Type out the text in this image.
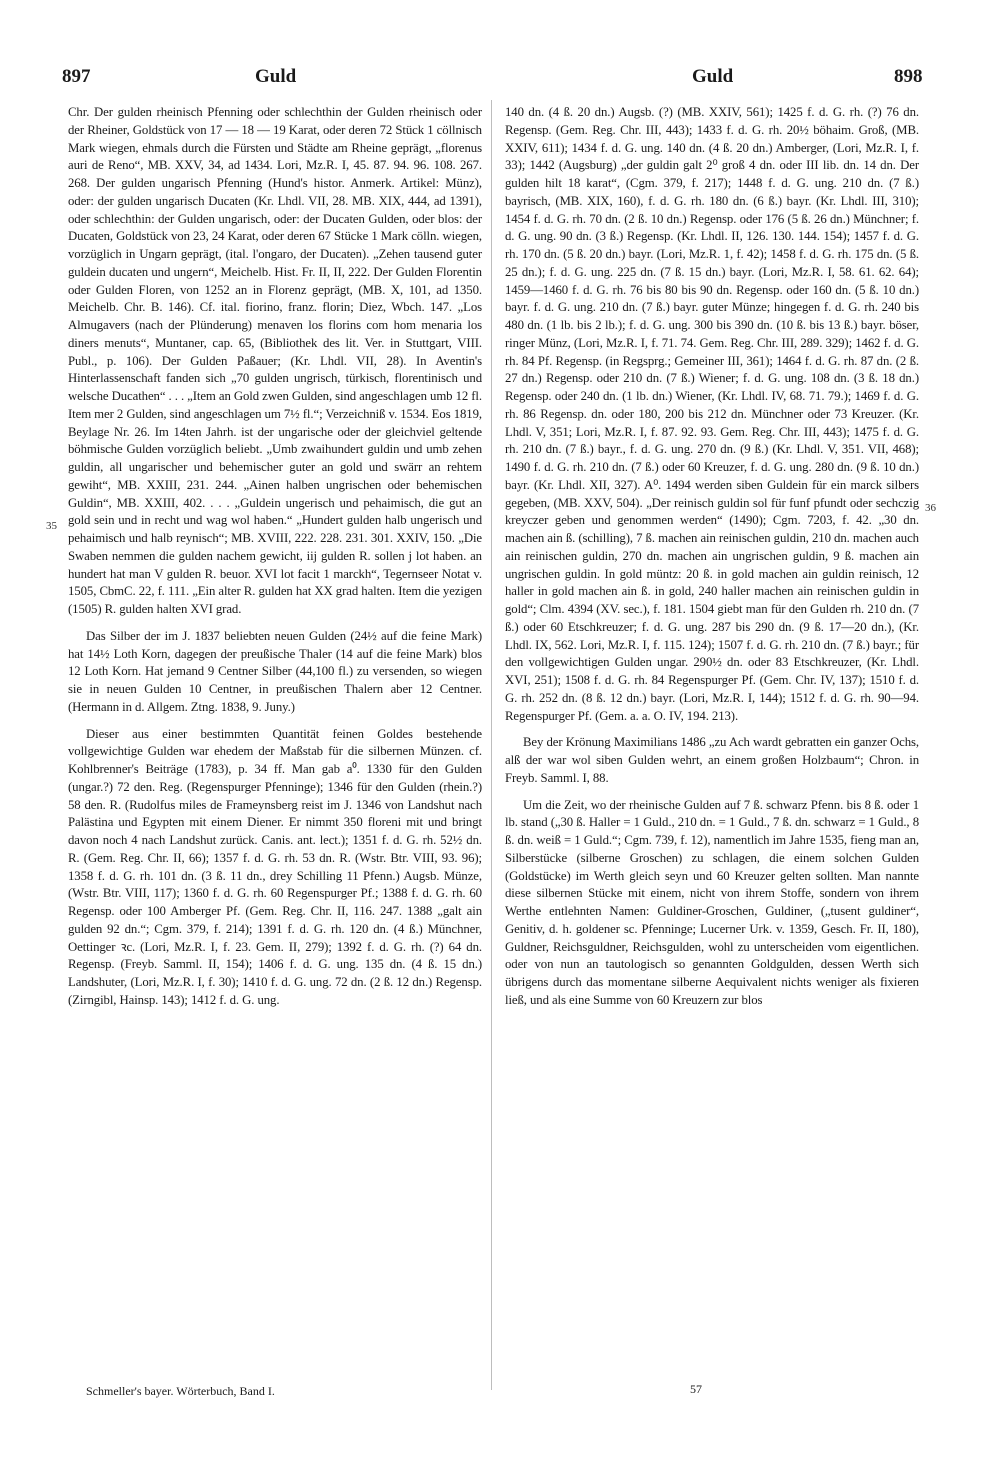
897	Guld	Guld	898

Chr. Der gulden rheinisch Pfenning oder schlechthin der Gulden rheinisch oder der Rheiner, Goldstück von 17 — 18 — 19 Karat, oder deren 72 Stück 1 cöllnisch Mark wiegen, ehmals durch die Fürsten und Städte am Rheine geprägt, „florenus auri de Reno“, MB. XXV, 34, ad 1434. Lori, Mz.R. I, 45. 87. 94. 96. 108. 267. 268. Der gulden ungarisch Pfenning (Hund's histor. Anmerk. Artikel: Münz), oder: der gulden ungarisch Ducaten (Kr. Lhdl. VII, 28. MB. XIX, 444, ad 1391), oder schlechthin: der Gulden ungarisch, oder: der Ducaten Gulden, oder blos: der Ducaten, Goldstück von 23, 24 Karat, oder deren 67 Stücke 1 Mark cölln. wiegen, vorzüglich in Ungarn geprägt, (ital. l'ongaro, der Ducaten). „Zehen tausend guter guldein ducaten und ungern“, Meichelb. Hist. Fr. II, II, 222. Der Gulden Florentin oder Gulden Floren, von 1252 an in Florenz geprägt, (MB. X, 101, ad 1350. Meichelb. Chr. B. 146). Cf. ital. fiorino, franz. florin; Diez, Wbch. 147. „Los Almugavers (nach der Plünderung) menaven los florins com hom menaria los diners menuts“, Muntaner, cap. 65, (Bibliothek des lit. Ver. in Stuttgart, VIII. Publ., p. 106). Der Gulden Paßauer; (Kr. Lhdl. VII, 28). In Aventin's Hinterlassenschaft fanden sich „70 gulden ungrisch, türkisch, florentinisch und welsche Ducathen“ . . . „Item an Gold zwen Gulden, sind angeschlagen umb 12 fl. Item mer 2 Gulden, sind angeschlagen um 7½ fl.“; Verzeichniß v. 1534. Eos 1819, Beylage Nr. 26. Im 14ten Jahrh. ist der ungarische oder der gleichviel geltende böhmische Gulden vorzüglich beliebt. „Umb zwaihundert guldin und umb zehen guldin, all ungarischer und behemischer guter an gold und swärr an rehtem gewiht“, MB. XXIII, 231. 244. „Ainen halben ungrischen oder behemischen Guldin“, MB. XXIII, 402. . . . „Guldein ungerisch und pehaimisch, die gut an gold sein und in recht und wag wol haben.“ „Hundert gulden halb ungerisch und pehaimisch und halb reynisch“; MB. XVIII, 222. 228. 231. 301. XXIV, 150. „Die Swaben nemmen die gulden nachem gewicht, iij gulden R. sollen j lot haben. an hundert hat man V gulden R. beuor. XVI lot facit 1 marckh“, Tegernseer Notat v. 1505, CbmC. 22, f. 111. „Ein alter R. gulden hat XX grad halten. Item die yezigen (1505) R. gulden halten XVI grad.

Das Silber der im J. 1837 beliebten neuen Gulden (24½ auf die feine Mark) hat 14½ Loth Korn, dagegen der preußische Thaler (14 auf die feine Mark) blos 12 Loth Korn. Hat jemand 9 Centner Silber (44,100 fl.) zu versenden, so wiegen sie in neuen Gulden 10 Centner, in preußischen Thalern aber 12 Centner. (Hermann in d. Allgem. Ztng. 1838, 9. Juny.)

Dieser aus einer bestimmten Quantität feinen Goldes bestehende vollgewichtige Gulden war ehedem der Maßstab für die silbernen Münzen. cf. Kohlbrenner's Beiträge (1783), p. 34 ff. Man gab a⁰. 1330 für den Gulden (ungar.?) 72 den. Reg. (Regenspurger Pfenninge); 1346 für den Gulden (rhein.?) 58 den. R. (Rudolfus miles de Frameynsberg reist im J. 1346 von Landshut nach Palästina und Egypten mit einem Diener. Er nimmt 350 floreni mit und bringt davon noch 4 nach Landshut zurück. Canis. ant. lect.); 1351 f. d. G. rh. 52½ dn. R. (Gem. Reg. Chr. II, 66); 1357 f. d. G. rh. 53 dn. R. (Wstr. Btr. VIII, 93. 96); 1358 f. d. G. rh. 101 dn. (3 ß. 11 dn., drey Schilling 11 Pfenn.) Augsb. Münze, (Wstr. Btr. VIII, 117); 1360 f. d. G. rh. 60 Regenspurger Pf.; 1388 f. d. G. rh. 60 Regensp. oder 100 Amberger Pf. (Gem. Reg. Chr. II, 116. 247. 1388 „galt ain gulden 92 dn.“; Cgm. 379, f. 214); 1391 f. d. G. rh. 120 dn. (4 ß.) Münchner, Oettinger ꝛc. (Lori, Mz.R. I, f. 23. Gem. II, 279); 1392 f. d. G. rh. (?) 64 dn. Regensp. (Freyb. Samml. II, 154); 1406 f. d. G. ung. 135 dn. (4 ß. 15 dn.) Landshuter, (Lori, Mz.R. I, f. 30); 1410 f. d. G. ung. 72 dn. (2 ß. 12 dn.) Regensp. (Zirngibl, Hainsp. 143); 1412 f. d. G. ung.

140 dn. (4 ß. 20 dn.) Augsb. (?) (MB. XXIV, 561); 1425 f. d. G. rh. (?) 76 dn. Regensp. (Gem. Reg. Chr. III, 443); 1433 f. d. G. rh. 20½ böhaim. Groß, (MB. XXIV, 611); 1434 f. d. G. ung. 140 dn. (4 ß. 20 dn.) Amberger, (Lori, Mz.R. I, f. 33); 1442 (Augsburg) „der guldin galt 2⁰ groß 4 dn. oder III lib. dn. 14 dn. Der gulden hilt 18 karat“, (Cgm. 379, f. 217); 1448 f. d. G. ung. 210 dn. (7 ß.) bayrisch, (MB. XIX, 160), f. d. G. rh. 180 dn. (6 ß.) bayr. (Kr. Lhdl. III, 310); 1454 f. d. G. rh. 70 dn. (2 ß. 10 dn.) Regensp. oder 176 (5 ß. 26 dn.) Münchner; f. d. G. ung. 90 dn. (3 ß.) Regensp. (Kr. Lhdl. II, 126. 130. 144. 154); 1457 f. d. G. rh. 170 dn. (5 ß. 20 dn.) bayr. (Lori, Mz.R. 1, f. 42); 1458 f. d. G. rh. 175 dn. (5 ß. 25 dn.); f. d. G. ung. 225 dn. (7 ß. 15 dn.) bayr. (Lori, Mz.R. I, 58. 61. 62. 64); 1459—1460 f. d. G. rh. 76 bis 80 bis 90 dn. Regensp. oder 160 dn. (5 ß. 10 dn.) bayr. f. d. G. ung. 210 dn. (7 ß.) bayr. guter Münze; hingegen f. d. G. rh. 240 bis 480 dn. (1 lb. bis 2 lb.); f. d. G. ung. 300 bis 390 dn. (10 ß. bis 13 ß.) bayr. böser, ringer Münz, (Lori, Mz.R. I, f. 71. 74. Gem. Reg. Chr. III, 289. 329); 1462 f. d. G. rh. 84 Pf. Regensp. (in Regsprg.; Gemeiner III, 361); 1464 f. d. G. rh. 87 dn. (2 ß. 27 dn.) Regensp. oder 210 dn. (7 ß.) Wiener; f. d. G. ung. 108 dn. (3 ß. 18 dn.) Regensp. oder 240 dn. (1 lb. dn.) Wiener, (Kr. Lhdl. IV, 68. 71. 79.); 1469 f. d. G. rh. 86 Regensp. dn. oder 180, 200 bis 212 dn. Münchner oder 73 Kreuzer. (Kr. Lhdl. V, 351; Lori, Mz.R. I, f. 87. 92. 93. Gem. Reg. Chr. III, 443); 1475 f. d. G. rh. 210 dn. (7 ß.) bayr., f. d. G. ung. 270 dn. (9 ß.) (Kr. Lhdl. V, 351. VII, 468); 1490 f. d. G. rh. 210 dn. (7 ß.) oder 60 Kreuzer, f. d. G. ung. 280 dn. (9 ß. 10 dn.) bayr. (Kr. Lhdl. XII, 327). A⁰. 1494 werden siben Guldein für ein marck silbers gegeben, (MB. XXV, 504). „Der reinisch guldin sol für funf pfundt oder sechczig kreyczer geben und genommen werden“ (1490); Cgm. 7203, f. 42. „30 dn. machen ain ß. (schilling), 7 ß. machen ain reinischen guldin, 210 dn. machen auch ain reinischen guldin, 270 dn. machen ain ungrischen guldin, 9 ß. machen ain ungrischen guldin. In gold müntz: 20 ß. in gold machen ain guldin reinisch, 12 haller in gold machen ain ß. in gold, 240 haller machen ain reinischen guldin in gold“; Clm. 4394 (XV. sec.), f. 181. 1504 giebt man für den Gulden rh. 210 dn. (7 ß.) oder 60 Etschkreuzer; f. d. G. ung. 287 bis 290 dn. (9 ß. 17—20 dn.), (Kr. Lhdl. IX, 562. Lori, Mz.R. I, f. 115. 124); 1507 f. d. G. rh. 210 dn. (7 ß.) bayr.; für den vollgewichtigen Gulden ungar. 290½ dn. oder 83 Etschkreuzer, (Kr. Lhdl. XVI, 251); 1508 f. d. G. rh. 84 Regenspurger Pf. (Gem. Chr. IV, 137); 1510 f. d. G. rh. 252 dn. (8 ß. 12 dn.) bayr. (Lori, Mz.R. I, 144); 1512 f. d. G. rh. 90—94. Regenspurger Pf. (Gem. a. a. O. IV, 194. 213).

Bey der Krönung Maximilians 1486 „zu Ach wardt gebratten ein ganzer Ochs, alß der war wol siben Gulden wehrt, an einem großen Holzbaum“; Chron. in Freyb. Samml. I, 88.

Um die Zeit, wo der rheinische Gulden auf 7 ß. schwarz Pfenn. bis 8 ß. oder 1 lb. stand („30 ß. Haller = 1 Guld., 210 dn. = 1 Guld., 7 ß. dn. schwarz = 1 Guld., 8 ß. dn. weiß = 1 Guld.“; Cgm. 739, f. 12), namentlich im Jahre 1535, fieng man an, Silberstücke (silberne Groschen) zu schlagen, die einem solchen Gulden (Goldstücke) im Werth gleich seyn und 60 Kreuzer gelten sollten. Man nannte diese silbernen Stücke mit einem, nicht von ihrem Stoffe, sondern von ihrem Werthe entlehnten Namen: Guldiner-Groschen, Guldiner, („tusent guldiner“, Genitiv, d. h. goldener sc. Pfenninge; Lucerner Urk. v. 1359, Gesch. Fr. II, 180), Guldner, Reichsguldner, Reichsgulden, wohl zu unterscheiden vom eigentlichen. oder von nun an tautologisch so genannten Goldgulden, dessen Werth sich übrigens durch das momentane silberne Aequivalent nichts weniger als fixieren ließ, und als eine Summe von 60 Kreuzern zur blos

35
36
Schmeller's bayer. Wörterbuch, Band I.	57
